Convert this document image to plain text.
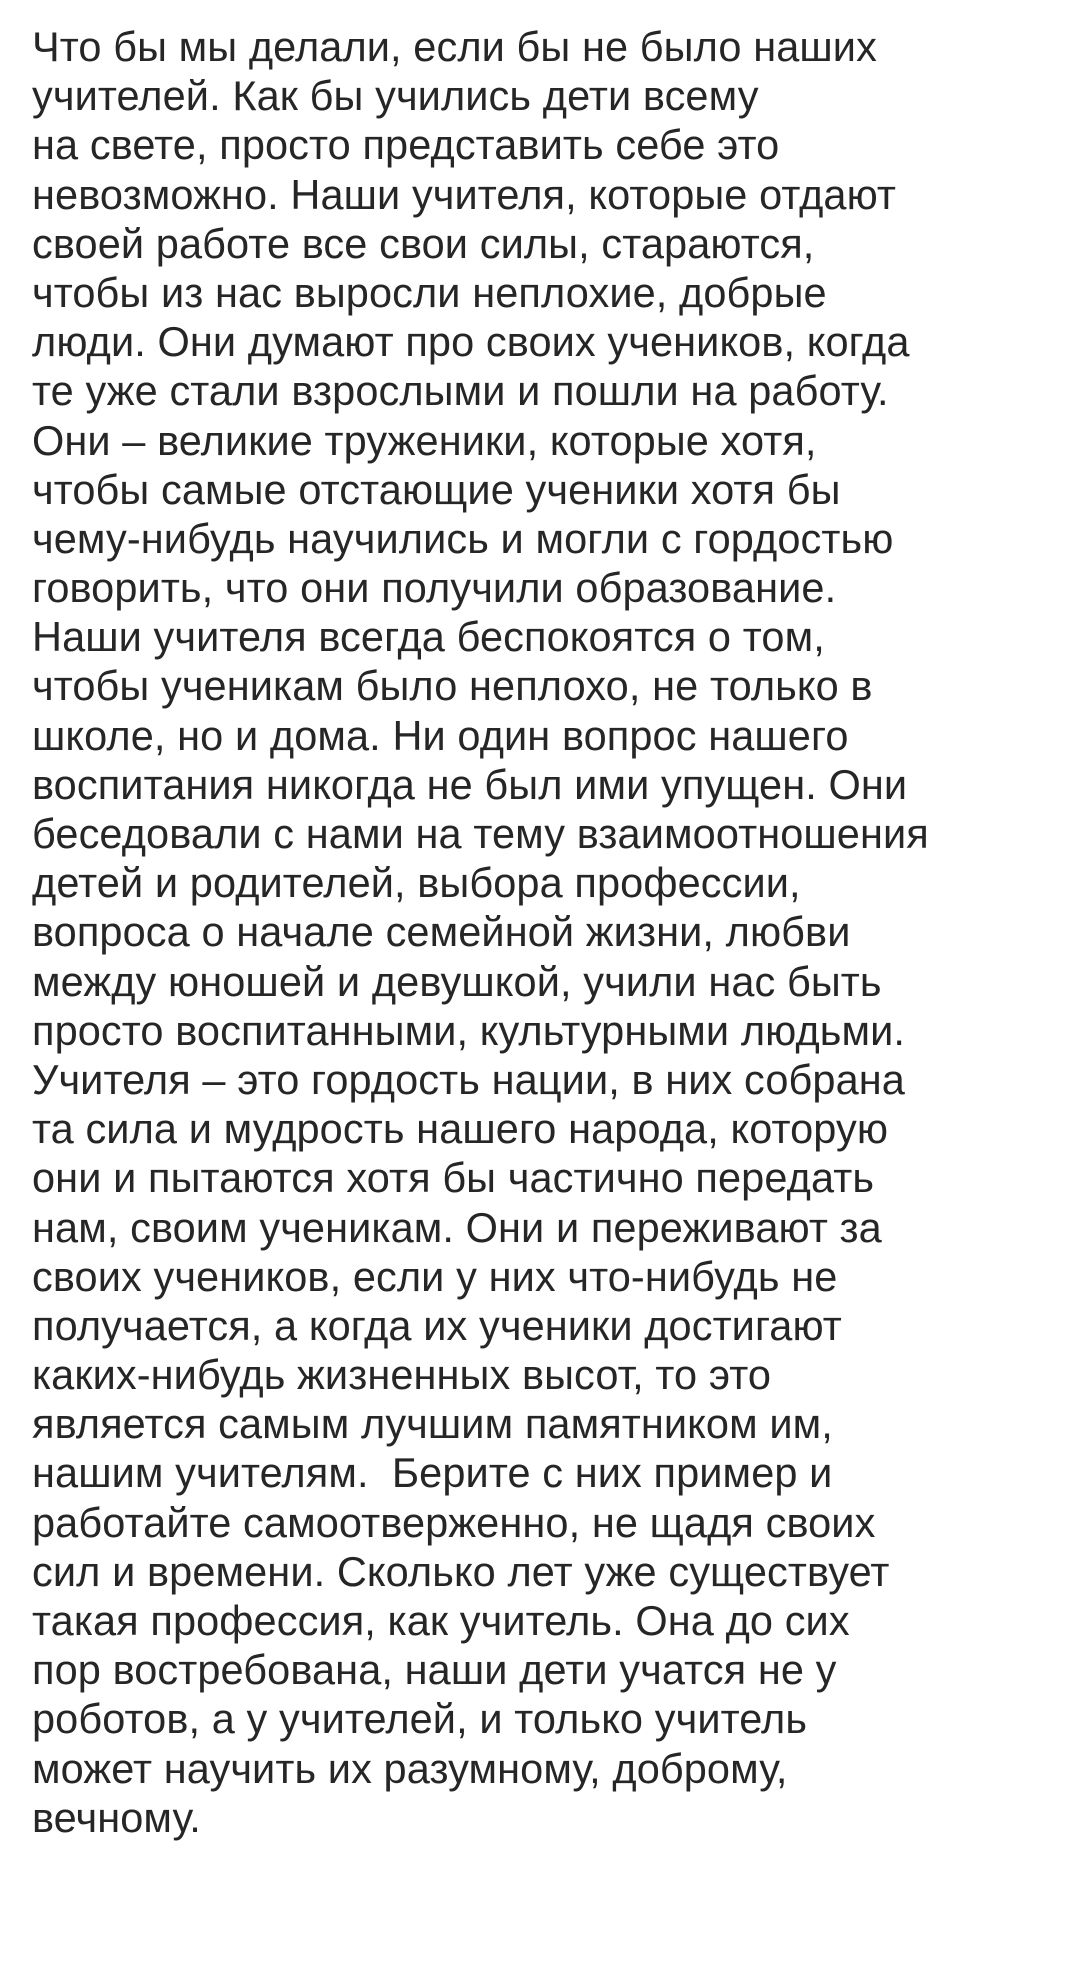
Что бы мы делали, если бы не было наших
учителей. Как бы учились дети всему
на свете, просто представить себе это
невозможно. Наши учителя, которые отдают
своей работе все свои силы, стараются,
чтобы из нас выросли неплохие, добрые
люди. Они думают про своих учеников, когда
те уже стали взрослыми и пошли на работу.
Они – великие труженики, которые хотя,
чтобы самые отстающие ученики хотя бы
чему-нибудь научились и могли с гордостью
говорить, что они получили образование.
Наши учителя всегда беспокоятся о том,
чтобы ученикам было неплохо, не только в
школе, но и дома. Ни один вопрос нашего
воспитания никогда не был ими упущен. Они
беседовали с нами на тему взаимоотношения
детей и родителей, выбора профессии,
вопроса о начале семейной жизни, любви
между юношей и девушкой, учили нас быть
просто воспитанными, культурными людьми.
Учителя – это гордость нации, в них собрана
та сила и мудрость нашего народа, которую
они и пытаются хотя бы частично передать
нам, своим ученикам. Они и переживают за
своих учеников, если у них что-нибудь не
получается, а когда их ученики достигают
каких-нибудь жизненных высот, то это
является самым лучшим памятником им,
нашим учителям.  Берите с них пример и
работайте самоотверженно, не щадя своих
сил и времени. Сколько лет уже существует
такая профессия, как учитель. Она до сих
пор востребована, наши дети учатся не у
роботов, а у учителей, и только учитель
может научить их разумному, доброму,
вечному.
